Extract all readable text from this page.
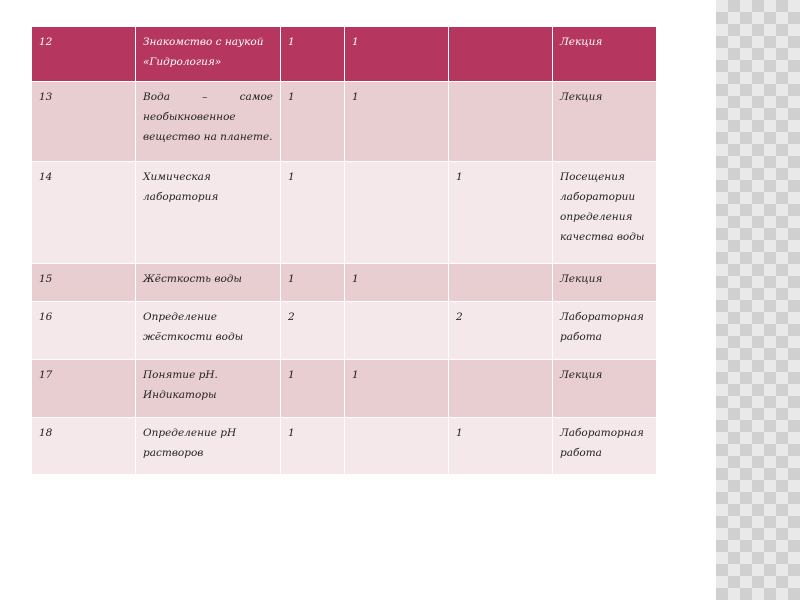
12	Знакомство с наукой «Гидрология»	1	1		Лекция
13	Вода – самое необыкновенное вещество на планете.	1	1		Лекция
14	Химическая лаборатория	1		1	Посещения лаборатории определения качества воды
15	Жёсткость воды	1	1		Лекция
16	Определение жёсткости воды	2		2	Лабораторная работа
17	Понятие рН. Индикаторы	1	1		Лекция
18	Определение рН растворов	1		1	Лабораторная работа
